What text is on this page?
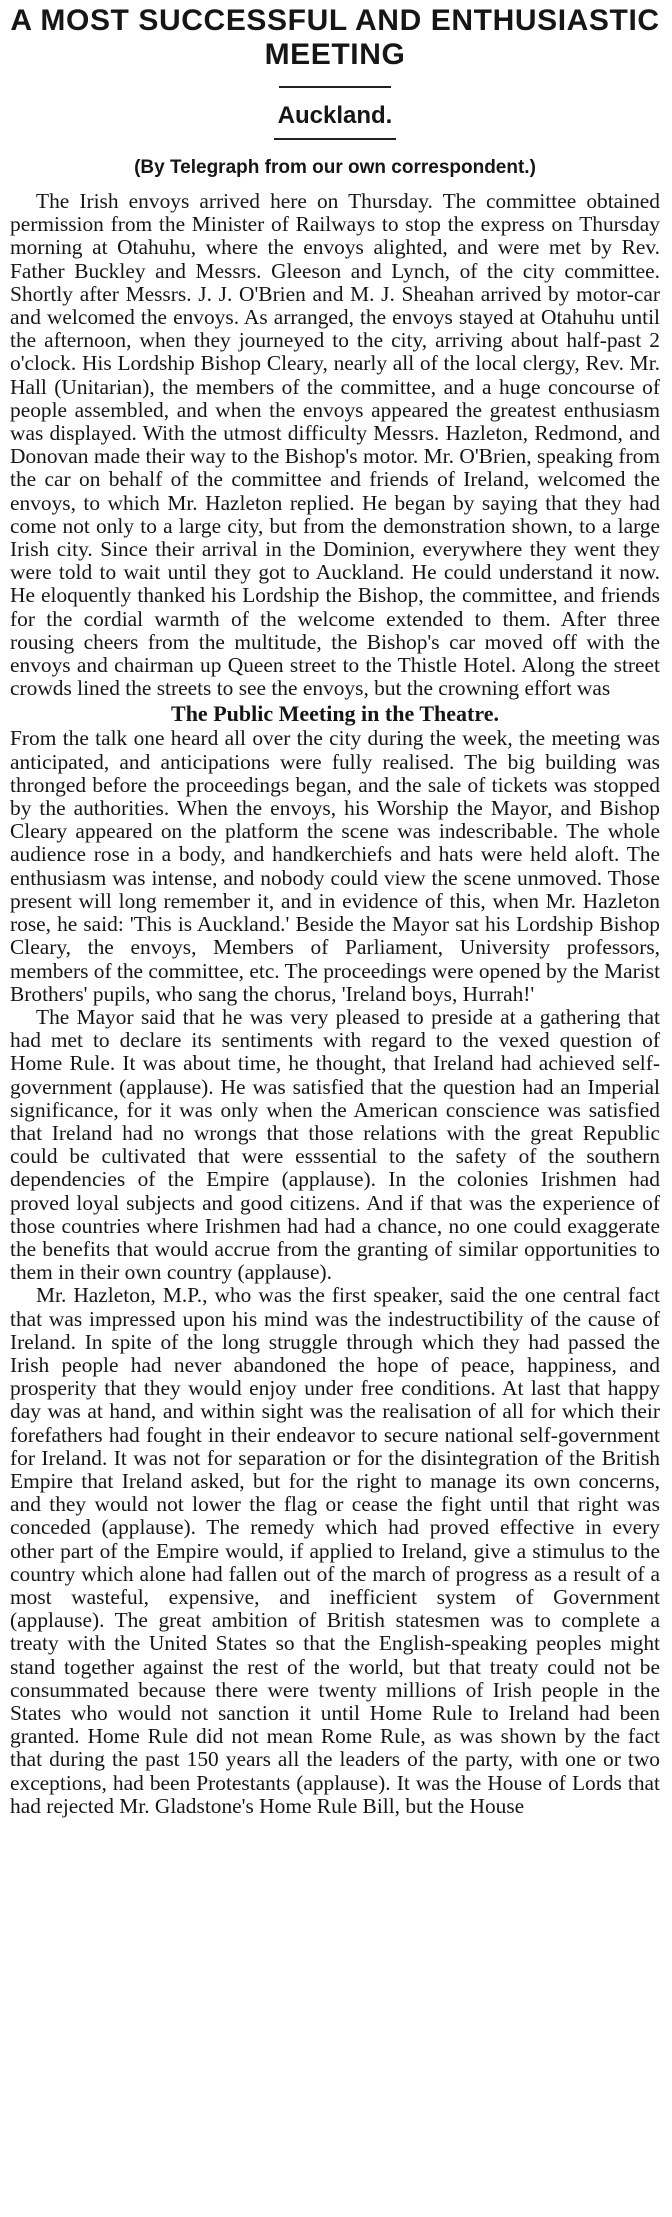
A MOST SUCCESSFUL AND ENTHUSIASTIC
MEETING
Auckland.

(By Telegraph from our own correspondent.)

The Irish envoys arrived here on Thursday. The committee obtained permission from the Minister of Railways to stop the express on Thursday morning at Otahuhu, where the envoys alighted, and were met by Rev. Father Buckley and Messrs. Gleeson and Lynch, of the city committee. Shortly after Messrs. J. J. O'Brien and M. J. Sheahan arrived by motor-car and welcomed the envoys. As arranged, the envoys stayed at Otahuhu until the afternoon, when they journeyed to the city, arriving about half-past 2 o'clock. His Lordship Bishop Cleary, nearly all of the local clergy, Rev. Mr. Hall (Unitarian), the members of the committee, and a huge concourse of people assembled, and when the envoys appeared the greatest enthusiasm was displayed. With the utmost difficulty Messrs. Hazleton, Redmond, and Donovan made their way to the Bishop's motor. Mr. O'Brien, speaking from the car on behalf of the committee and friends of Ireland, welcomed the envoys, to which Mr. Hazleton replied. He began by saying that they had come not only to a large city, but from the demonstration shown, to a large Irish city. Since their arrival in the Dominion, everywhere they went they were told to wait until they got to Auckland. He could understand it now. He eloquently thanked his Lordship the Bishop, the committee, and friends for the cordial warmth of the welcome extended to them. After three rousing cheers from the multitude, the Bishop's car moved off with the envoys and chairman up Queen street to the Thistle Hotel. Along the street crowds lined the streets to see the envoys, but the crowning effort was

The Public Meeting in the Theatre.

From the talk one heard all over the city during the week, the meeting was anticipated, and anticipations were fully realised. The big building was thronged before the proceedings began, and the sale of tickets was stopped by the authorities. When the envoys, his Worship the Mayor, and Bishop Cleary appeared on the platform the scene was indescribable. The whole audience rose in a body, and handkerchiefs and hats were held aloft. The enthusiasm was intense, and nobody could view the scene unmoved. Those present will long remember it, and in evidence of this, when Mr. Hazleton rose, he said: 'This is Auckland.' Beside the Mayor sat his Lordship Bishop Cleary, the envoys, Members of Parliament, University professors, members of the committee, etc. The proceedings were opened by the Marist Brothers' pupils, who sang the chorus, 'Ireland boys, Hurrah!'

The Mayor said that he was very pleased to preside at a gathering that had met to declare its sentiments with regard to the vexed question of Home Rule. It was about time, he thought, that Ireland had achieved self-government (applause). He was satisfied that the question had an Imperial significance, for it was only when the American conscience was satisfied that Ireland had no wrongs that those relations with the great Republic could be cultivated that were esssential to the safety of the southern dependencies of the Empire (applause). In the colonies Irishmen had proved loyal subjects and good citizens. And if that was the experience of those countries where Irishmen had had a chance, no one could exaggerate the benefits that would accrue from the granting of similar opportunities to them in their own country (applause).

Mr. Hazleton, M.P., who was the first speaker, said the one central fact that was impressed upon his mind was the indestructibility of the cause of Ireland. In spite of the long struggle through which they had passed the Irish people had never abandoned the hope of peace, happiness, and prosperity that they would enjoy under free conditions. At last that happy day was at hand, and within sight was the realisation of all for which their forefathers had fought in their endeavor to secure national self-government for Ireland. It was not for separation or for the disintegration of the British Empire that Ireland asked, but for the right to manage its own concerns, and they would not lower the flag or cease the fight until that right was conceded (applause). The remedy which had proved effective in every other part of the Empire would, if applied to Ireland, give a stimulus to the country which alone had fallen out of the march of progress as a result of a most wasteful, expensive, and inefficient system of Government (applause). The great ambition of British statesmen was to complete a treaty with the United States so that the English-speaking peoples might stand together against the rest of the world, but that treaty could not be consummated because there were twenty millions of Irish people in the States who would not sanction it until Home Rule to Ireland had been granted. Home Rule did not mean Rome Rule, as was shown by the fact that during the past 150 years all the leaders of the party, with one or two exceptions, had been Protestants (applause). It was the House of Lords that had rejected Mr. Gladstone's Home Rule Bill, but the House
